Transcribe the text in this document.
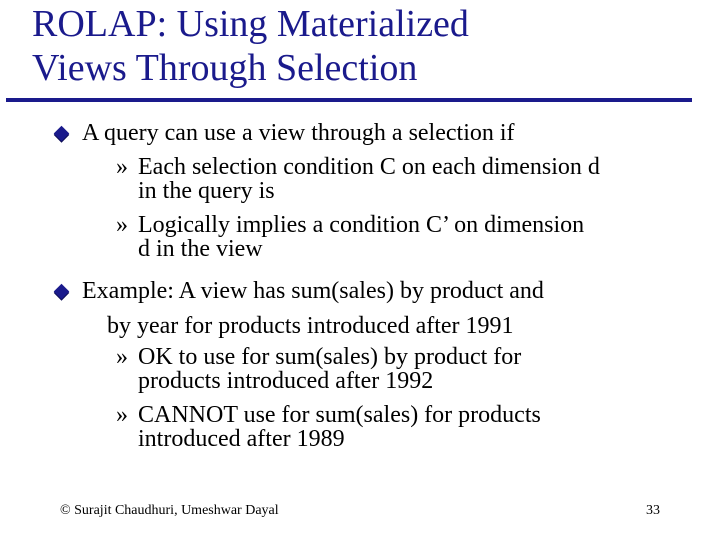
ROLAP: Using Materialized
Views Through Selection
A query can use a view through a selection if
» Each selection condition C on each dimension d
in the query is
» Logically implies a condition C’ on dimension
d in the view
Example: A view has sum(sales) by product and
by year for products introduced after 1991
» OK to use for sum(sales) by product for
products introduced after 1992
» CANNOT use for sum(sales) for products
introduced after 1989
© Surajit Chaudhuri, Umeshwar Dayal	33
